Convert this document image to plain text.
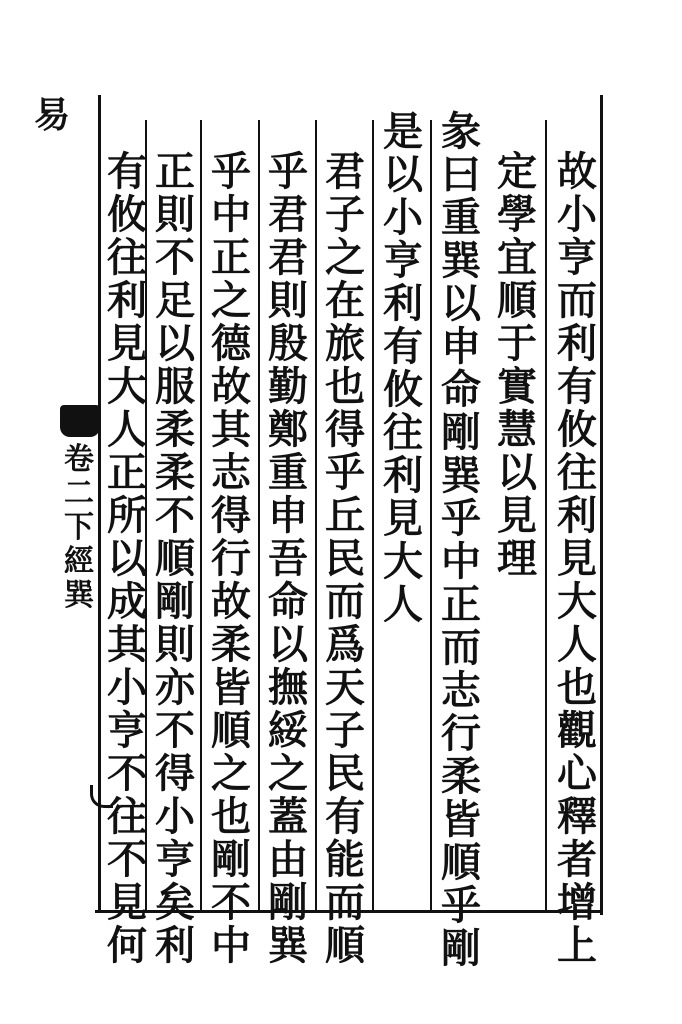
易
卷
二
下
經
巽
故
小
亨
而
利
有
攸
往
利
見
大
人
也
觀
心
釋
者
增
上
定
學
宜
順
于
實
慧
以
見
理
彖
曰
重
巽
以
申
命
剛
巽
乎
中
正
而
志
行
柔
皆
順
乎
剛
是
以
小
亨
利
有
攸
往
利
見
大
人
君
子
之
在
旅
也
得
乎
丘
民
而
爲
天
子
民
有
能
而
順
乎
君
君
則
殷
勤
鄭
重
申
吾
命
以
撫
綏
之
蓋
由
剛
巽
乎
中
正
之
德
故
其
志
得
行
故
柔
皆
順
之
也
剛
不
中
正
則
不
足
以
服
柔
柔
不
順
剛
則
亦
不
得
小
亨
矣
利
有
攸
往
利
見
大
人
正
所
以
成
其
小
亨
不
往
不
見
何
